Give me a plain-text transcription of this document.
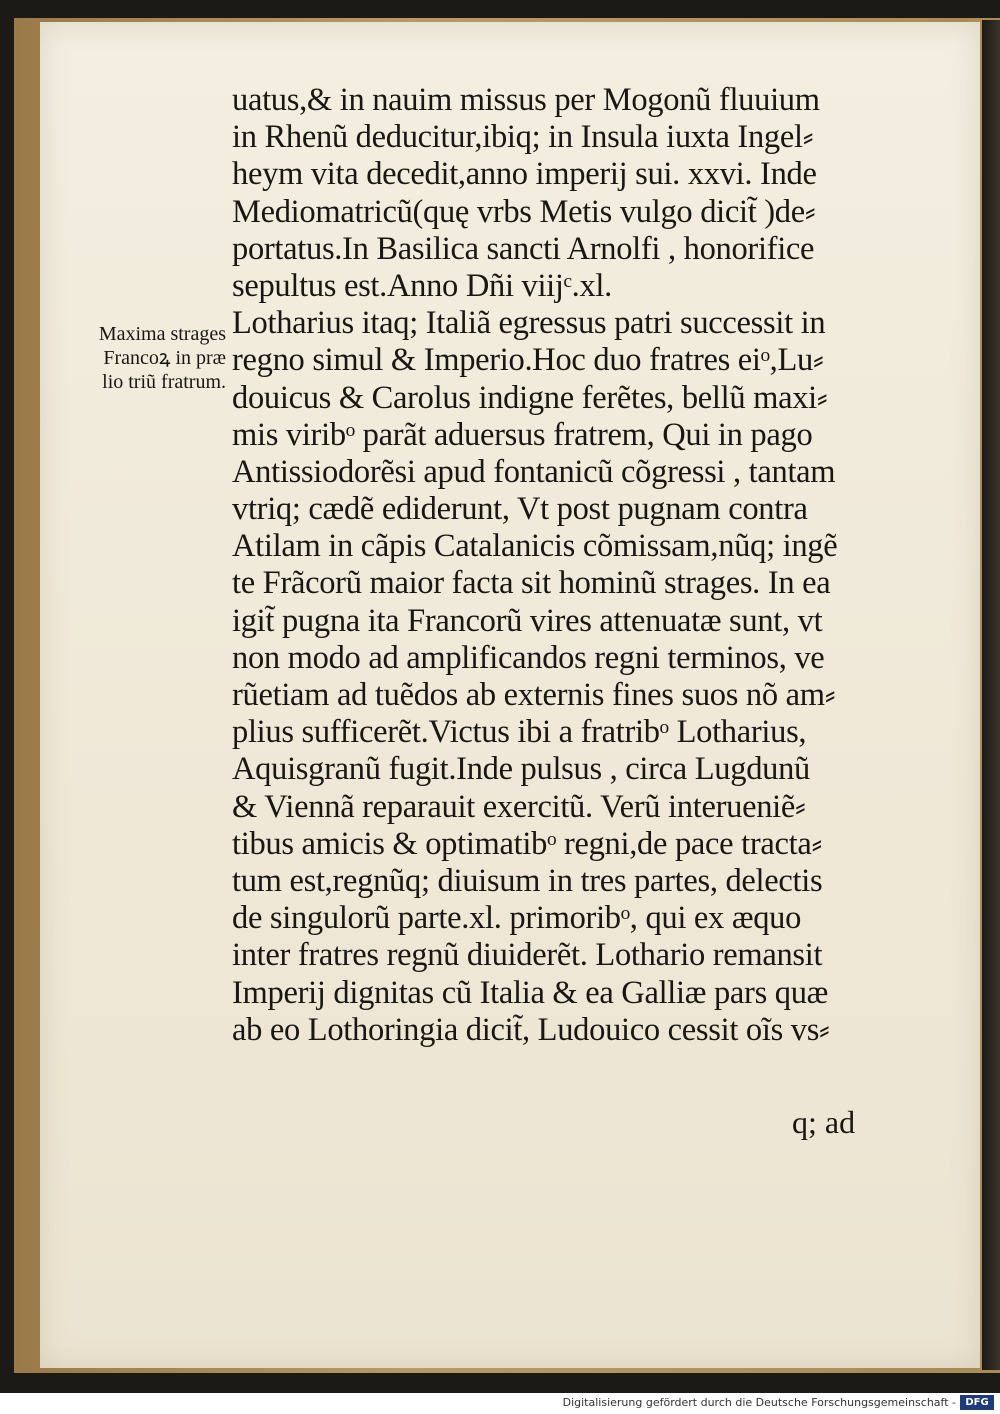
uatus,& in nauim missus per Mogonũ fluuium
in Rhenũ deducitur,ibiq; in Insula iuxta Ingel⸗
heym vita decedit,anno imperij sui. xxvi. Inde
Mediomatricũ(quę vrbs Metis vulgo dicit̃ )de⸗
portatus.In Basilica sancti Arnolfi , honorifice
sepultus est.Anno Dñi viijᶜ.xl.
Lotharius itaq; Italiã egressus patri successit in
regno simul & Imperio.Hoc duo fratres eiᵒ,Lu⸗
douicus & Carolus indigne ferẽtes, bellũ maxi⸗
mis viribᵒ parãt aduersus fratrem, Qui in pago
Antissiodorẽsi apud fontanicũ cõgressi , tantam
vtriq; cædẽ ediderunt, Vt post pugnam contra
Atilam in cãpis Catalanicis cõmissam,nũq; ingẽ
te Frãcorũ maior facta sit hominũ strages. In ea
igit̃ pugna ita Francorũ vires attenuatæ sunt, vt
non modo ad amplificandos regni terminos, ve
rũetiam ad tuẽdos ab externis fines suos nõ am⸗
plius sufficerẽt.Victus ibi a fratribᵒ Lotharius,
Aquisgranũ fugit.Inde pulsus , circa Lugdunũ
& Viennã reparauit exercitũ. Verũ interueniẽ⸗
tibus amicis & optimatibᵒ regni,de pace tracta⸗
tum est,regnũq; diuisum in tres partes, delectis
de singulorũ parte.xl. primoribᵒ, qui ex æquo
inter fratres regnũ diuiderẽt. Lothario remansit
Imperij dignitas cũ Italia & ea Galliæ pars quæ
ab eo Lothoringia dicit̃, Ludouico cessit oĩs vs⸗
Maxima strages
Francoꝝ in præ
lio triũ fratrum.
q; ad
Digitalisierung gefördert durch die Deutsche Forschungsgemeinschaft - DFG
